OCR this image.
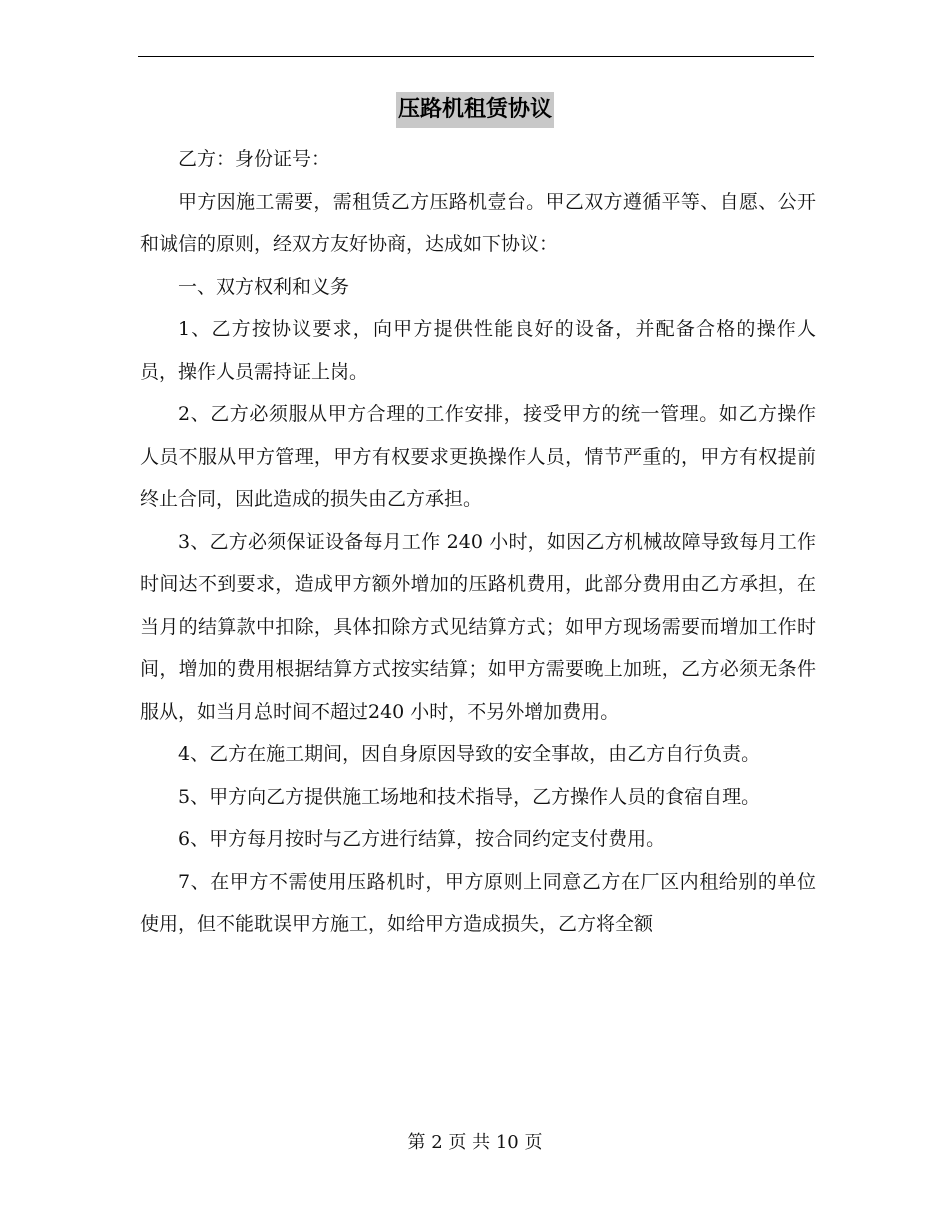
压路机租赁协议

乙方：身份证号：

甲方因施工需要，需租赁乙方压路机壹台。甲乙双方遵循平等、自愿、公开和诚信的原则，经双方友好协商，达成如下协议：

一、双方权利和义务

1、乙方按协议要求，向甲方提供性能良好的设备，并配备合格的操作人员，操作人员需持证上岗。

2、乙方必须服从甲方合理的工作安排，接受甲方的统一管理。如乙方操作人员不服从甲方管理，甲方有权要求更换操作人员，情节严重的，甲方有权提前终止合同，因此造成的损失由乙方承担。

3、乙方必须保证设备每月工作 240 小时，如因乙方机械故障导致每月工作时间达不到要求，造成甲方额外增加的压路机费用，此部分费用由乙方承担，在当月的结算款中扣除，具体扣除方式见结算方式；如甲方现场需要而增加工作时间，增加的费用根据结算方式按实结算；如甲方需要晚上加班，乙方必须无条件服从，如当月总时间不超过240 小时，不另外增加费用。

4、乙方在施工期间，因自身原因导致的安全事故，由乙方自行负责。

5、甲方向乙方提供施工场地和技术指导，乙方操作人员的食宿自理。

6、甲方每月按时与乙方进行结算，按合同约定支付费用。

7、在甲方不需使用压路机时，甲方原则上同意乙方在厂区内租给别的单位使用，但不能耽误甲方施工，如给甲方造成损失，乙方将全额

第 2 页 共 10 页
